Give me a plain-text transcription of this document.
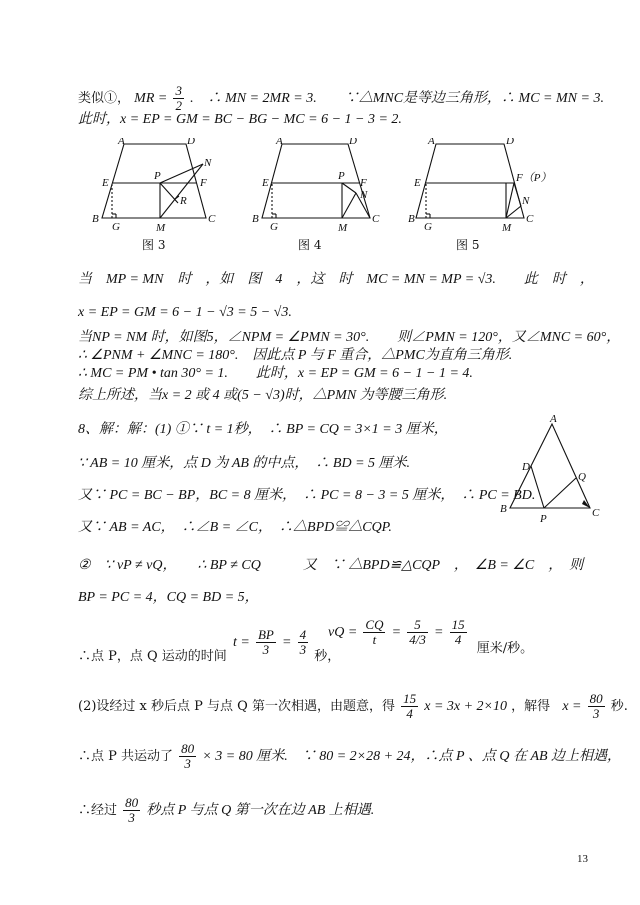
类似①， MR = $\frac{3}{2}$ .　∴ MN = 2MR = 3.　　∵△MNC是等边三角形，∴ MC = MN = 3.
此时，x = EP = GM = BC − BG − MC = 6 − 1 − 3 = 2.
A	D
N
E
P
F
R
B
G	M
C
图 3
A	D
E
P
F
N
B
G	M
C
图 4
A	D
E	F（P）
N
B
G	M
C
图 5
当　MP = MN　时　，如　图　4　，这　时　MC = MN = MP = √3.　　此　时　，
x = EP = GM = 6 − 1 − √3 = 5 − √3.
当NP = NM 时，如图5，∠NPM = ∠PMN = 30°.　　则∠PMN = 120°，又∠MNC = 60°，
∴ ∠PNM + ∠MNC = 180°.　因此点 P 与 F 重合，△PMC为直角三角形.
∴ MC = PM • tan 30° = 1.　　此时，x = EP = GM = 6 − 1 − 1 = 4.
综上所述，当x = 2 或 4 或(5 − √3)时，△PMN 为等腰三角形.
8、解：解：(1) ①∵ t = 1秒，　∴ BP = CQ = 3×1 = 3 厘米，
∵ AB = 10 厘米，点 D 为 AB 的中点，　∴ BD = 5 厘米.
又∵ PC = BC − BP，BC = 8 厘米，　∴ PC = 8 − 3 = 5 厘米，　∴ PC = BD.
又∵ AB = AC，　∴∠B = ∠C，　∴△BPD≌△CQP.
A
D
Q
B
P	C
②　∵ vP ≠ vQ，　　∴ BP ≠ CQ　　　又　∵ △BPD≌△CQP　，　∠B = ∠C　，　则
BP = PC = 4，CQ = BD = 5，
∴点 P，点 Q 运动的时间 $t = \frac{BP}{3} = \frac{4}{3}$ 秒，
vQ = $\frac{CQ}{t} = \frac{5}{4/3} = \frac{15}{4}$
厘米/秒。
(2)设经过 x 秒后点 P 与点 Q 第一次相遇，由题意，得 $\frac{15}{4}$ x = 3x + 2×10 ，解得 $x = \frac{80}{3}$ 秒.
∴点 P 共运动了 $\frac{80}{3} \times 3 = 80$ 厘米.　∵ 80 = 2×28 + 24，∴点 P 、点 Q 在 AB 边上相遇，
∴经过 $\frac{80}{3}$ 秒点 P 与点 Q 第一次在边 AB 上相遇.
13
